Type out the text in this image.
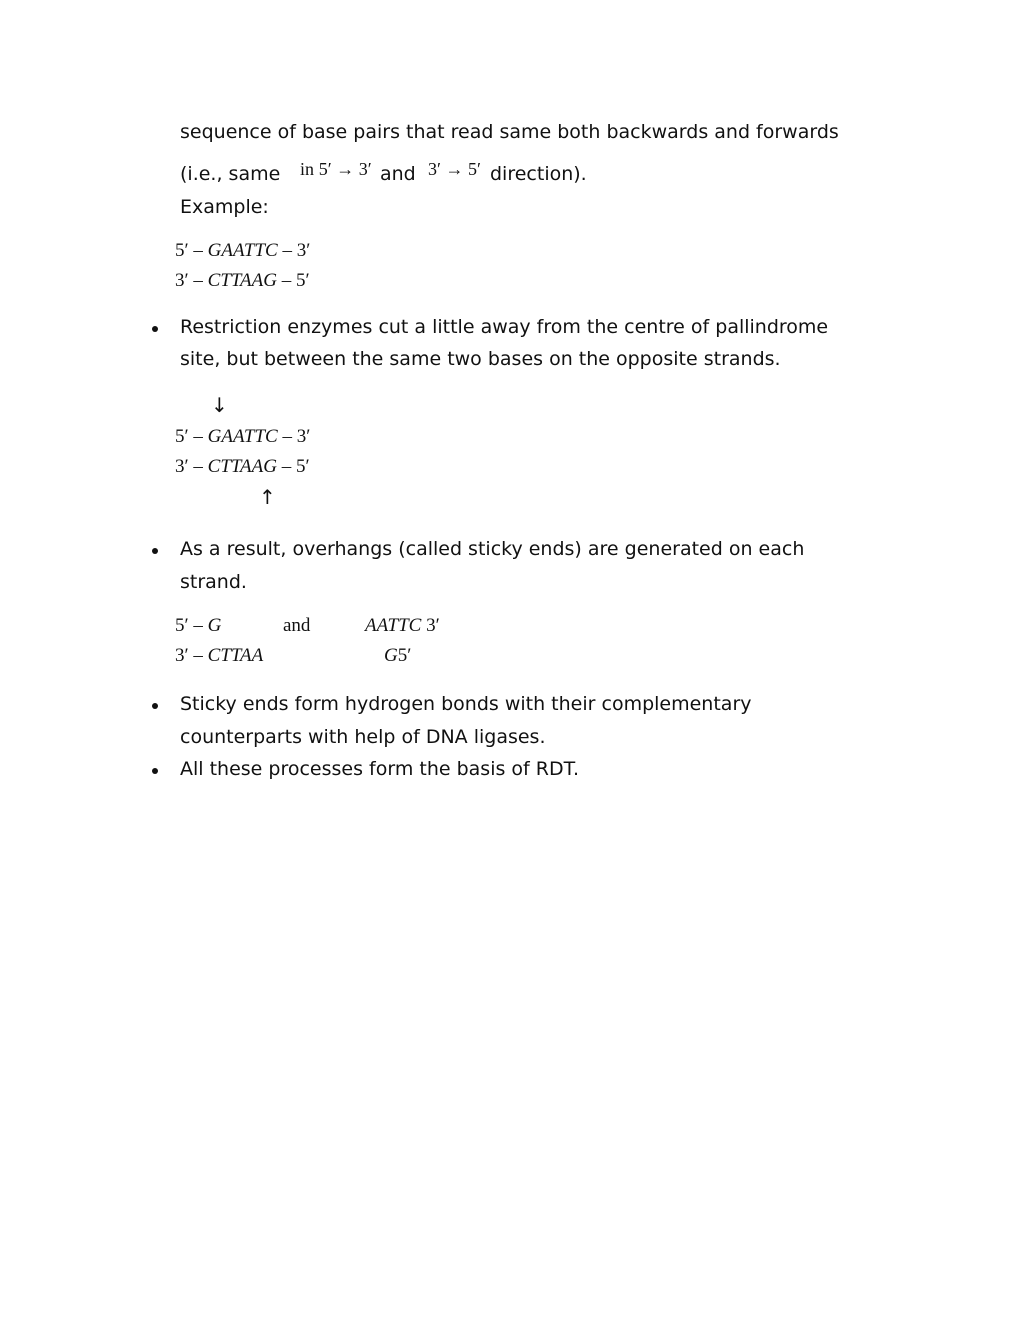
sequence of base pairs that read same both backwards and forwards
(i.e., same in 5′ → 3′ and 3′ → 5′ direction).
Example:
5′ – GAATTC – 3′
3′ – CTTAAG – 5′
Restriction enzymes cut a little away from the centre of pallindrome
site, but between the same two bases on the opposite strands.
↓
5′ – GAATTC – 3′
3′ – CTTAAG – 5′
↑
As a result, overhangs (called sticky ends) are generated on each
strand.
5′ – G
3′ – CTTAA
and	AATTC 3′
G5′
Sticky ends form hydrogen bonds with their complementary
counterparts with help of DNA ligases.
All these processes form the basis of RDT.
